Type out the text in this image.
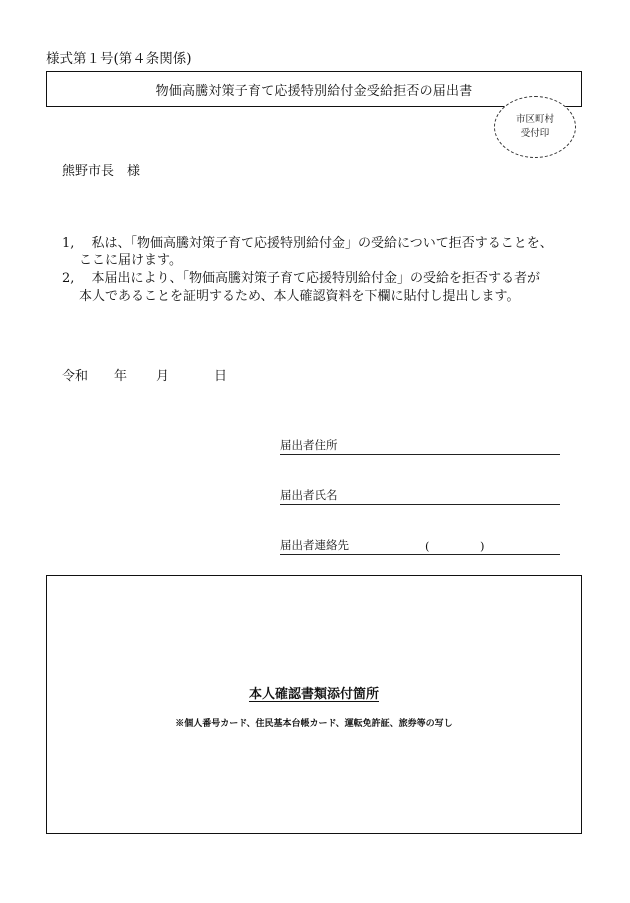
様式第１号(第４条関係)
物価高騰対策子育て応援特別給付金受給拒否の届出書
市区町村
受付印
熊野市長　様
1,　 私は、「物価高騰対策子育て応援特別給付金」の受給について拒否することを、
ここに届けます。
2,　 本届出により、「物価高騰対策子育て応援特別給付金」の受給を拒否する者が
本人であることを証明するため、本人確認資料を下欄に貼付し提出します。
令和 年 月	日
届出者住所
届出者氏名
届出者連絡先	(	)
本人確認書類添付箇所
※個人番号カード、住民基本台帳カード、運転免許証、旅券等の写し
